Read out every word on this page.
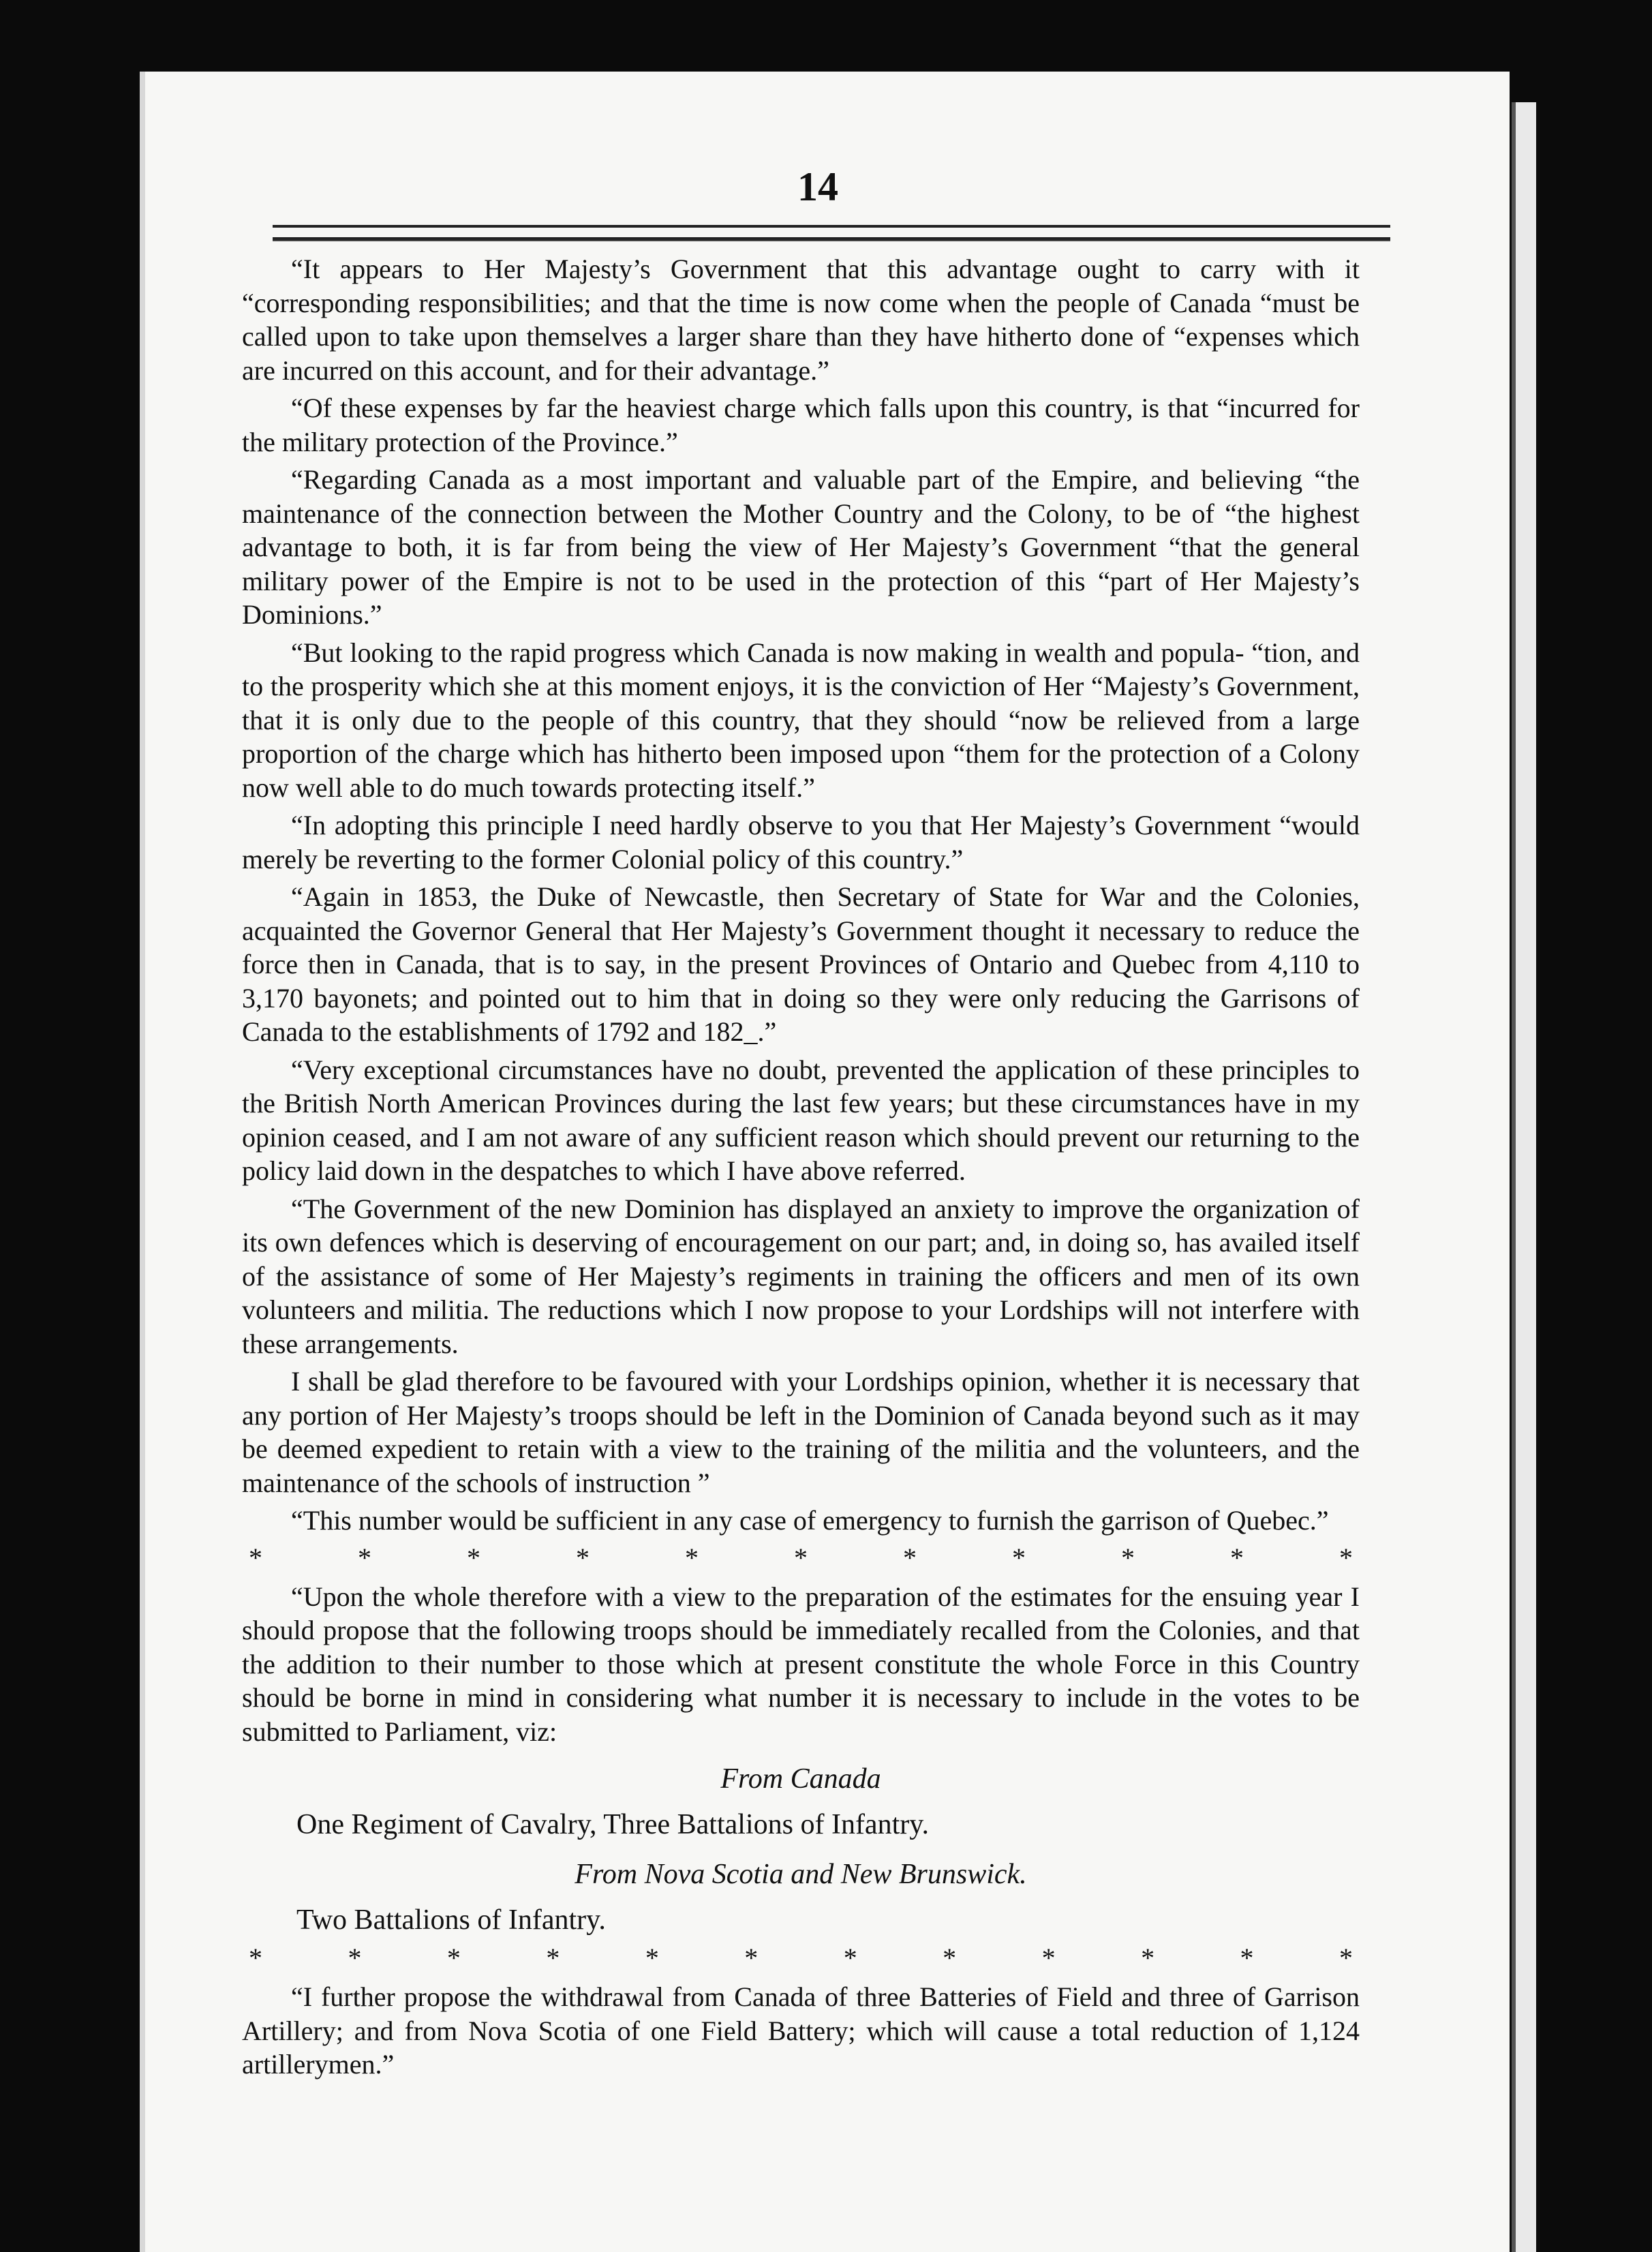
14

“It appears to Her Majesty’s Government that this advantage ought to carry with it “corresponding responsibilities; and that the time is now come when the people of Canada “must be called upon to take upon themselves a larger share than they have hitherto done of “expenses which are incurred on this account, and for their advantage.”

“Of these expenses by far the heaviest charge which falls upon this country, is that “incurred for the military protection of the Province.”

“Regarding Canada as a most important and valuable part of the Empire, and believing “the maintenance of the connection between the Mother Country and the Colony, to be of “the highest advantage to both, it is far from being the view of Her Majesty’s Government “that the general military power of the Empire is not to be used in the protection of this “part of Her Majesty’s Dominions.”

“But looking to the rapid progress which Canada is now making in wealth and popula- “tion, and to the prosperity which she at this moment enjoys, it is the conviction of Her “Majesty’s Government, that it is only due to the people of this country, that they should “now be relieved from a large proportion of the charge which has hitherto been imposed upon “them for the protection of a Colony now well able to do much towards protecting itself.”

“In adopting this principle I need hardly observe to you that Her Majesty’s Government “would merely be reverting to the former Colonial policy of this country.”

“Again in 1853, the Duke of Newcastle, then Secretary of State for War and the Colonies, acquainted the Governor General that Her Majesty’s Government thought it necessary to reduce the force then in Canada, that is to say, in the present Provinces of Ontario and Quebec from 4,110 to 3,170 bayonets; and pointed out to him that in doing so they were only reducing the Garrisons of Canada to the establishments of 1792 and 182_.”

“Very exceptional circumstances have no doubt, prevented the application of these principles to the British North American Provinces during the last few years; but these circumstances have in my opinion ceased, and I am not aware of any sufficient reason which should prevent our returning to the policy laid down in the despatches to which I have above referred.

“The Government of the new Dominion has displayed an anxiety to improve the organization of its own defences which is deserving of encouragement on our part; and, in doing so, has availed itself of the assistance of some of Her Majesty’s regiments in training the officers and men of its own volunteers and militia. The reductions which I now propose to your Lordships will not interfere with these arrangements.

I shall be glad therefore to be favoured with your Lordships opinion, whether it is necessary that any portion of Her Majesty’s troops should be left in the Dominion of Canada beyond such as it may be deemed expedient to retain with a view to the training of the militia and the volunteers, and the maintenance of the schools of instruction ”

“This number would be sufficient in any case of emergency to furnish the garrison of Quebec.”

*	*	*	*	*	*	*	*	*	*	*

“Upon the whole therefore with a view to the preparation of the estimates for the ensuing year I should propose that the following troops should be immediately recalled from the Colonies, and that the addition to their number to those which at present constitute the whole Force in this Country should be borne in mind in considering what number it is necessary to include in the votes to be submitted to Parliament, viz:

From Canada
One Regiment of Cavalry, Three Battalions of Infantry.
From Nova Scotia and New Brunswick.
Two Battalions of Infantry.
*	*	*	*	*	*	*	*	*	*	*	*

“I further propose the withdrawal from Canada of three Batteries of Field and three of Garrison Artillery; and from Nova Scotia of one Field Battery; which will cause a total reduction of 1,124 artillerymen.”
